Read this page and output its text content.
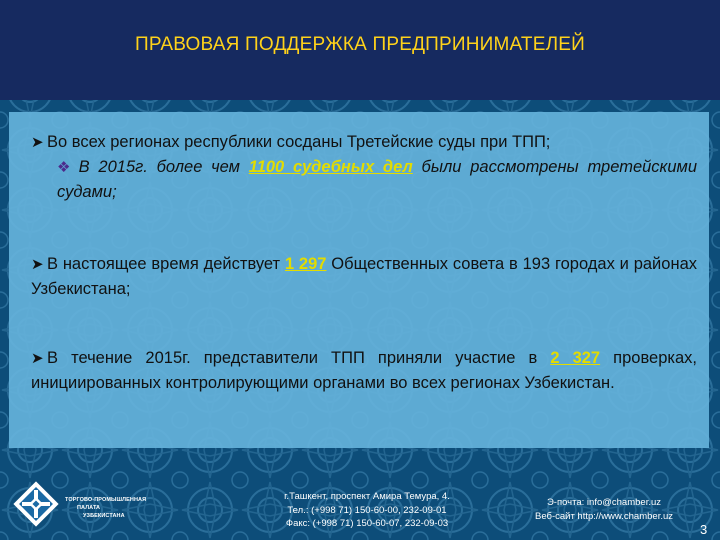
ПРАВОВАЯ ПОДДЕРЖКА ПРЕДПРИНИМАТЕЛЕЙ

➤ Во всех регионах республики сосданы Третейские суды при ТПП;

❖ В 2015г. более чем 1100 судебных дел были рассмотрены третейскими судами;

➤ В настоящее время действует 1 297 Общественных совета в 193 городах и районах Узбекистана;

➤ В течение 2015г. представители ТПП приняли участие в 2 327 проверках, инициированных контролирующими органами во всех регионах Узбекистан.

ТОРГОВО-ПРОМЫШЛЕННАЯ
ПАЛАТА
УЗБЕКИСТАНА
г.Ташкент, проспект Амира Темура, 4.
Тел.: (+998 71) 150-60-00, 232-09-01
Факс: (+998 71) 150-60-07, 232-09-03
Э-почта: info@chamber.uz
Веб-сайт http://www.chamber.uz
3
